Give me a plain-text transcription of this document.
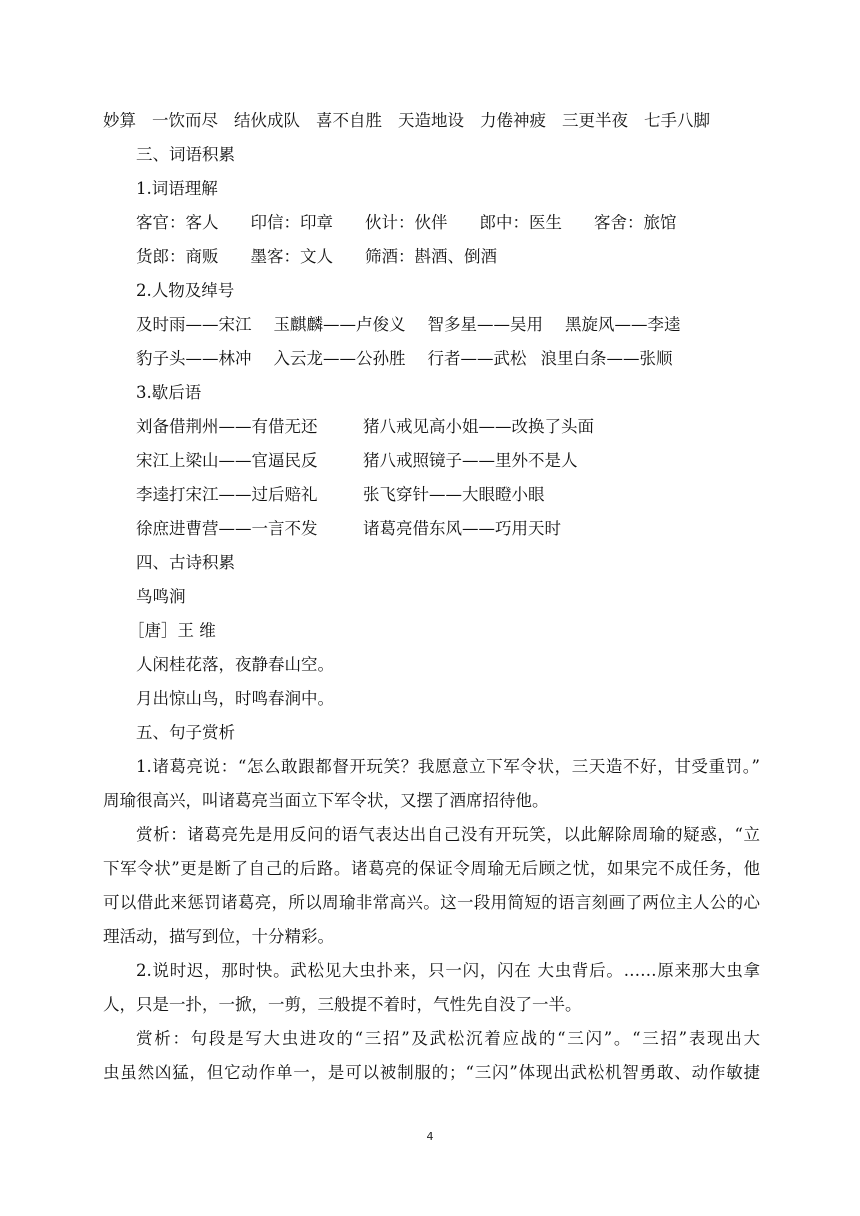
妙算 一饮而尽 结伙成队 喜不自胜 天造地设 力倦神疲 三更半夜 七手八脚
三、词语积累
1.词语理解
客官：客人 印信：印章 伙计：伙伴 郎中：医生 客舍：旅馆
货郎：商贩 墨客：文人 筛酒：斟酒、倒酒
2.人物及绰号
及时雨——宋江 玉麒麟——卢俊义 智多星——吴用 黑旋风——李逵
豹子头——林冲 入云龙——公孙胜 行者——武松 浪里白条——张顺
3.歇后语
刘备借荆州——有借无还	猪八戒见高小姐——改换了头面
宋江上梁山——官逼民反	猪八戒照镜子——里外不是人
李逵打宋江——过后赔礼	张飞穿针——大眼瞪小眼
徐庶进曹营——一言不发	诸葛亮借东风——巧用天时
四、古诗积累
鸟鸣涧
［唐］王 维
人闲桂花落，夜静春山空。
月出惊山鸟，时鸣春涧中。
五、句子赏析
1.诸葛亮说：“怎么敢跟都督开玩笑？我愿意立下军令状，三天造不好，甘受重罚。”
周瑜很高兴，叫诸葛亮当面立下军令状，又摆了酒席招待他。
赏析：诸葛亮先是用反问的语气表达出自己没有开玩笑，以此解除周瑜的疑惑，“立
下军令状”更是断了自己的后路。诸葛亮的保证令周瑜无后顾之忧，如果完不成任务，他
可以借此来惩罚诸葛亮，所以周瑜非常高兴。这一段用简短的语言刻画了两位主人公的心
理活动，描写到位，十分精彩。
2.说时迟，那时快。武松见大虫扑来，只一闪，闪在 大虫背后。……原来那大虫拿
人，只是一扑，一掀，一剪，三般提不着时，气性先自没了一半。
赏析：句段是写大虫进攻的“三招”及武松沉着应战的“三闪”。“三招”表现出大
虫虽然凶猛，但它动作单一，是可以被制服的；“三闪”体现出武松机智勇敢、动作敏捷
4
